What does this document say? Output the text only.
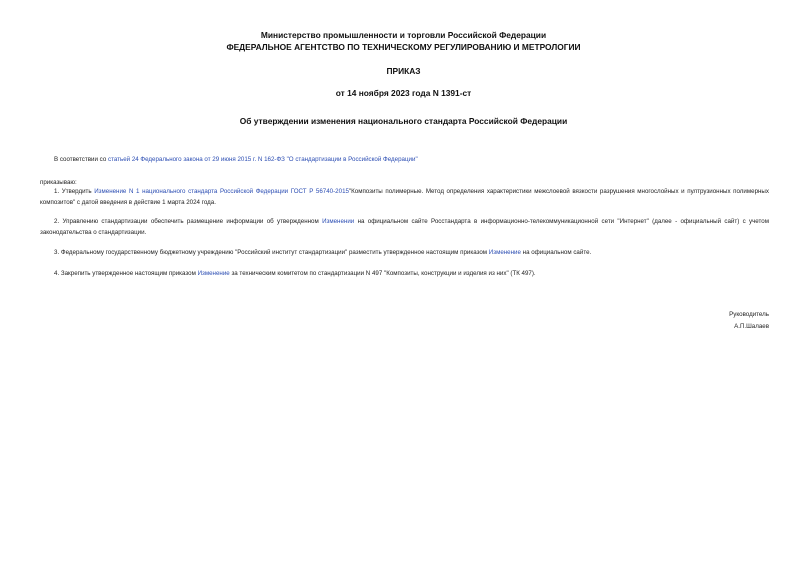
Министерство промышленности и торговли Российской Федерации
ФЕДЕРАЛЬНОЕ АГЕНТСТВО ПО ТЕХНИЧЕСКОМУ РЕГУЛИРОВАНИЮ И МЕТРОЛОГИИ
ПРИКАЗ
от 14 ноября 2023 года N 1391-ст
Об утверждении изменения национального стандарта Российской Федерации
В соответствии со статьей 24 Федерального закона от 29 июня 2015 г. N 162-ФЗ "О стандартизации в Российской Федерации"
приказываю:
1. Утвердить Изменение N 1 национального стандарта Российской Федерации ГОСТ Р 56740-2015"Композиты полимерные. Метод определения характеристики межслоевой вязкости разрушения многослойных и пултрузионных полимерных композитов" с датой введения в действие 1 марта 2024 года.
2. Управлению стандартизации обеспечить размещение информации об утвержденном Изменении на официальном сайте Росстандарта в информационно-телекоммуникационной сети "Интернет" (далее - официальный сайт) с учетом законодательства о стандартизации.
3. Федеральному государственному бюджетному учреждению "Российский институт стандартизации" разместить утвержденное настоящим приказом Изменение на официальном сайте.
4. Закрепить утвержденное настоящим приказом Изменение за техническим комитетом по стандартизации N 497 "Композиты, конструкции и изделия из них" (ТК 497).
Руководитель
А.П.Шалаев
